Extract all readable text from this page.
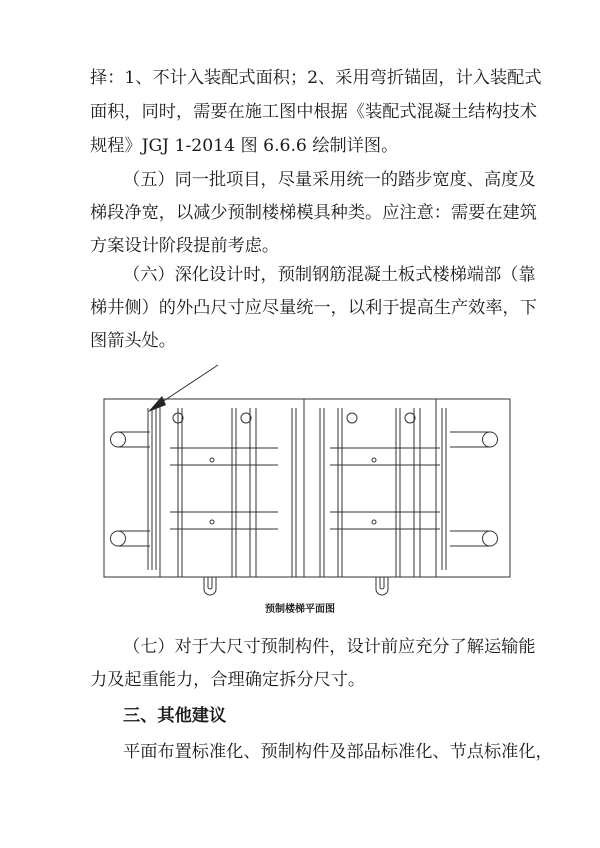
择：1、不计入装配式面积；2、采用弯折锚固，计入装配式
面积，同时，需要在施工图中根据《装配式混凝土结构技术
规程》JGJ 1-2014 图 6.6.6 绘制详图。
（五）同一批项目，尽量采用统一的踏步宽度、高度及
梯段净宽，以减少预制楼梯模具种类。应注意：需要在建筑
方案设计阶段提前考虑。
（六）深化设计时，预制钢筋混凝土板式楼梯端部（靠
梯井侧）的外凸尺寸应尽量统一，以利于提高生产效率，下
图箭头处。
预制楼梯平面图
（七）对于大尺寸预制构件，设计前应充分了解运输能
力及起重能力，合理确定拆分尺寸。
三、其他建议
平面布置标准化、预制构件及部品标准化、节点标准化，
